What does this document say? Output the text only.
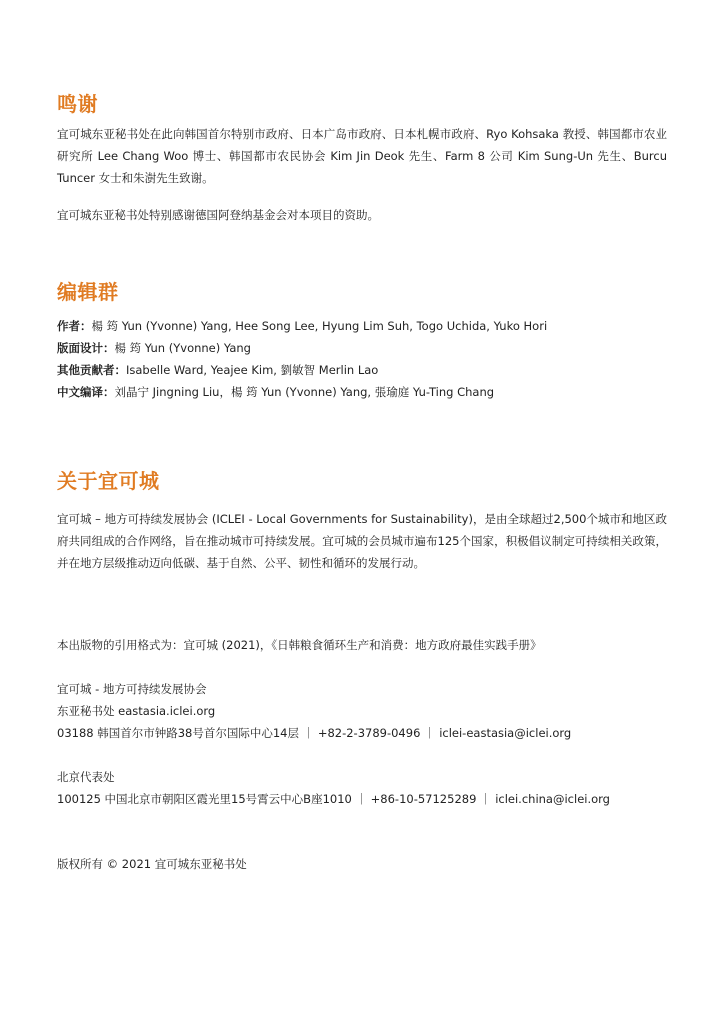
鸣谢

宜可城东亚秘书处在此向韩国首尔特别市政府、日本广岛市政府、日本札幌市政府、Ryo Kohsaka 教授、韩国都市农业研究所 Lee Chang Woo 博士、韩国都市农民协会 Kim Jin Deok 先生、Farm 8 公司 Kim Sung-Un 先生、Burcu Tuncer 女士和朱澍先生致谢。

宜可城东亚秘书处特别感谢德国阿登纳基金会对本项目的资助。

编辑群
作者：楊 筠 Yun (Yvonne) Yang, Hee Song Lee, Hyung Lim Suh, Togo Uchida, Yuko Hori
版面设计：楊 筠 Yun (Yvonne) Yang
其他贡献者：Isabelle Ward, Yeajee Kim, 劉敏智 Merlin Lao
中文编译：刘晶宁 Jingning Liu，楊 筠 Yun (Yvonne) Yang, 張瑜庭 Yu-Ting Chang
关于宜可城

宜可城 – 地方可持续发展协会 (ICLEI - Local Governments for Sustainability)，是由全球超过2,500个城市和地区政府共同组成的合作网络，旨在推动城市可持续发展。宜可城的会员城市遍布125个国家，积极倡议制定可持续相关政策，并在地方层级推动迈向低碳、基于自然、公平、韧性和循环的发展行动。

本出版物的引用格式为：宜可城 (2021)，《日韩粮食循环生产和消费：地方政府最佳实践手册》
宜可城 - 地方可持续发展协会
东亚秘书处 eastasia.iclei.org
03188 韩国首尔市钟路38号首尔国际中心14层 ｜ +82-2-3789-0496 ｜ iclei-eastasia@iclei.org
北京代表处
100125 中国北京市朝阳区霞光里15号霄云中心B座1010 ｜ +86-10-57125289 ｜ iclei.china@iclei.org
版权所有 © 2021 宜可城东亚秘书处
